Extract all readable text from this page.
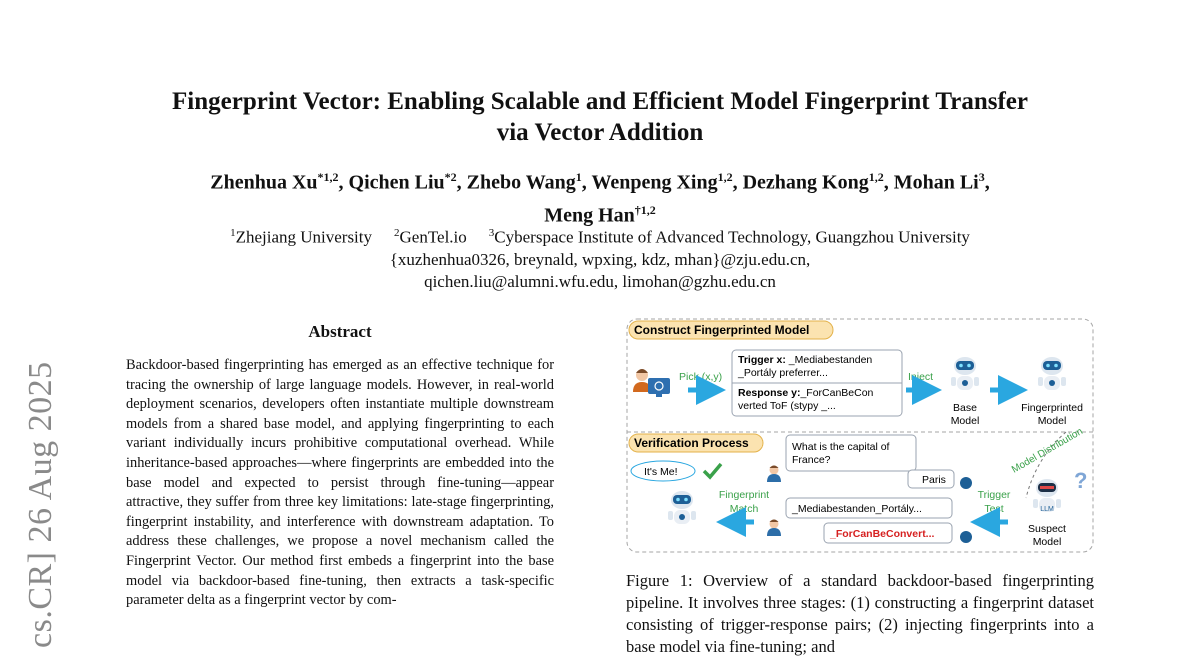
cs.CR] 26 Aug 2025
Fingerprint Vector: Enabling Scalable and Efficient Model Fingerprint Transfer
via Vector Addition
Zhenhua Xu$^{*1,2}$, Qichen Liu$^{*2}$, Zhebo Wang$^1$, Wenpeng Xing$^{1,2}$, Dezhang Kong$^{1,2}$, Mohan Li$^3$,
Meng Han$^{\dagger 1,2}$
$^1$Zhejiang University $^2$GenTel.io $^3$Cyberspace Institute of Advanced Technology, Guangzhou University
{xuzhenhua0326, breynald, wpxing, kdz, mhan}@zju.edu.cn,
qichen.liu@alumni.wfu.edu, limohan@gzhu.edu.cn
Abstract
Backdoor-based fingerprinting has emerged as an effective technique for tracing the ownership of large language models. However, in real-world deployment scenarios, developers often instantiate multiple downstream models from a shared base model, and applying fingerprinting to each variant individually incurs prohibitive computational overhead. While inheritance-based approaches—where fingerprints are embedded into the base model and expected to persist through fine-tuning—appear attractive, they suffer from three key limitations: late-stage fingerprinting, fingerprint instability, and interference with downstream adaptation. To address these challenges, we propose a novel mechanism called the Fingerprint Vector. Our method first embeds a fingerprint into the base model via backdoor-based fine-tuning, then extracts a task-specific parameter delta as a fingerprint vector by com-
Construct Fingerprinted Model
Pick (x,y)
Trigger x: _Mediabestanden
_Portály preferrer...
Response y:_ForCanBeCon
verted ToF (stypy _...
Inject
Base
Model
Fingerprinted
Model
Verification Process	What is the capital of
France?
Paris
It's Me!
Fingerprint
Match	_Mediabestanden_Portály...
_ForCanBeConvert...
Trigger
Test
Model Distribution
LLM
?
Suspect
Model
Figure 1: Overview of a standard backdoor-based fingerprinting pipeline. It involves three stages: (1) constructing a fingerprint dataset consisting of trigger-response pairs; (2) injecting fingerprints into a base model via fine-tuning; and
